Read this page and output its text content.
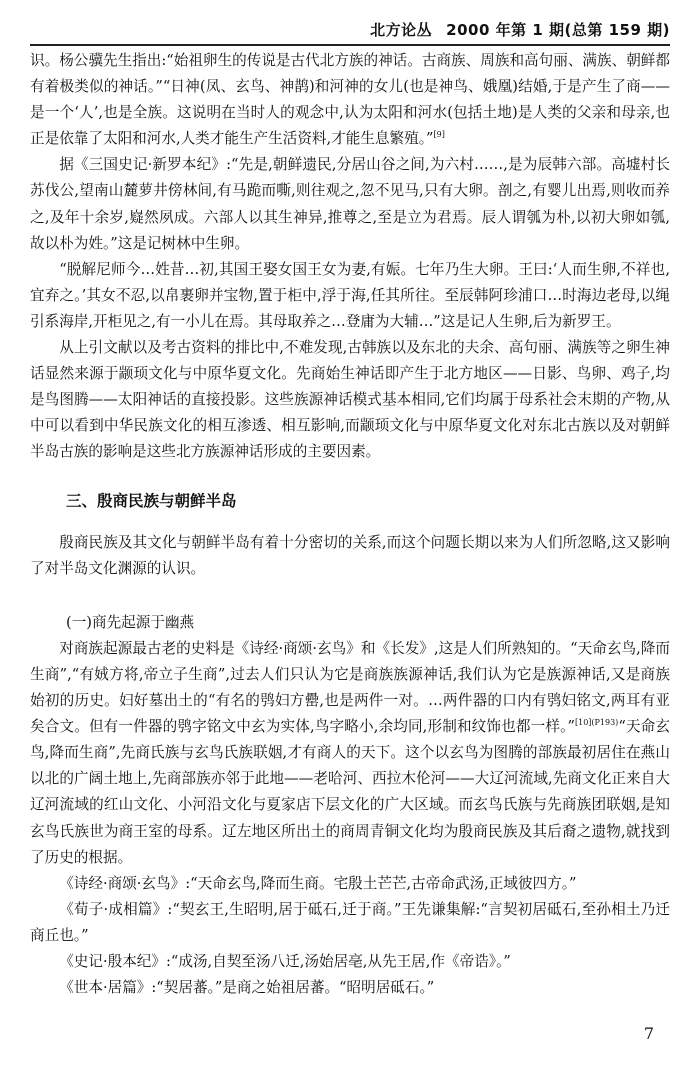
北方论丛 2000 年第 1 期(总第 159 期)

识。杨公骥先生指出:“始祖卵生的传说是古代北方族的神话。古商族、周族和高句丽、满族、朝鲜都有着极类似的神话。”“日神(凤、玄鸟、神鹊)和河神的女儿(也是神鸟、娥凰)结婚,于是产生了商——是一个‘人’,也是全族。这说明在当时人的观念中,认为太阳和河水(包括土地)是人类的父亲和母亲,也正是依靠了太阳和河水,人类才能生产生活资料,才能生息繁殖。”[9]

据《三国史记·新罗本纪》:“先是,朝鲜遗民,分居山谷之间,为六村……,是为辰韩六部。高墟村长苏伐公,望南山麓萝井傍林间,有马跪而嘶,则往观之,忽不见马,只有大卵。剖之,有婴儿出焉,则收而养之,及年十余岁,嶷然夙成。六部人以其生神异,推尊之,至是立为君焉。辰人谓瓠为朴,以初大卵如瓠,故以朴为姓。”这是记树林中生卵。

“脱解尼师今…姓昔…初,其国王娶女国王女为妻,有娠。七年乃生大卵。王曰:‘人而生卵,不祥也,宜弃之。’其女不忍,以帛裹卵并宝物,置于柜中,浮于海,任其所往。至辰韩阿珍浦口…时海边老母,以绳引系海岸,开柜见之,有一小儿在焉。其母取养之…登庸为大辅…”这是记人生卵,后为新罗王。

从上引文献以及考古资料的排比中,不难发现,古韩族以及东北的夫余、高句丽、满族等之卵生神话显然来源于颛顼文化与中原华夏文化。先商始生神话即产生于北方地区——日影、鸟卵、鸡子,均是鸟图腾——太阳神话的直接投影。这些族源神话模式基本相同,它们均属于母系社会末期的产物,从中可以看到中华民族文化的相互渗透、相互影响,而颛顼文化与中原华夏文化对东北古族以及对朝鲜半岛古族的影响是这些北方族源神话形成的主要因素。

三、殷商民族与朝鲜半岛

殷商民族及其文化与朝鲜半岛有着十分密切的关系,而这个问题长期以来为人们所忽略,这又影响了对半岛文化渊源的认识。

(一)商先起源于幽燕

对商族起源最古老的史料是《诗经·商颂·玄鸟》和《长发》,这是人们所熟知的。“天命玄鸟,降而生商”,“有娀方将,帝立子生商”,过去人们只认为它是商族族源神话,我们认为它是族源神话,又是商族始初的历史。妇好墓出土的“有名的鸮妇方罍,也是两件一对。…两件器的口内有鸮妇铭文,两耳有亚矣合文。但有一件器的鸮字铭文中玄为实体,鸟字略小,余均同,形制和纹饰也都一样。”$^{[10](P193)}$“天命玄鸟,降而生商”,先商氏族与玄鸟氏族联姻,才有商人的天下。这个以玄鸟为图腾的部族最初居住在燕山以北的广阔土地上,先商部族亦邻于此地——老哈河、西拉木伦河——大辽河流域,先商文化正来自大辽河流域的红山文化、小河沿文化与夏家店下层文化的广大区域。而玄鸟氏族与先商族团联姻,是知玄鸟氏族世为商王室的母系。辽左地区所出土的商周青铜文化均为殷商民族及其后裔之遗物,就找到了历史的根据。

《诗经·商颂·玄鸟》:“天命玄鸟,降而生商。宅殷土芒芒,古帝命武汤,正域彼四方。”

《荀子·成相篇》:“契玄王,生昭明,居于砥石,迁于商。”王先谦集解:“言契初居砥石,至孙相土乃迁商丘也。”

《史记·殷本纪》:“成汤,自契至汤八迁,汤始居亳,从先王居,作《帝诰》。”

《世本·居篇》:“契居蕃。”是商之始祖居蕃。“昭明居砥石。”

7
